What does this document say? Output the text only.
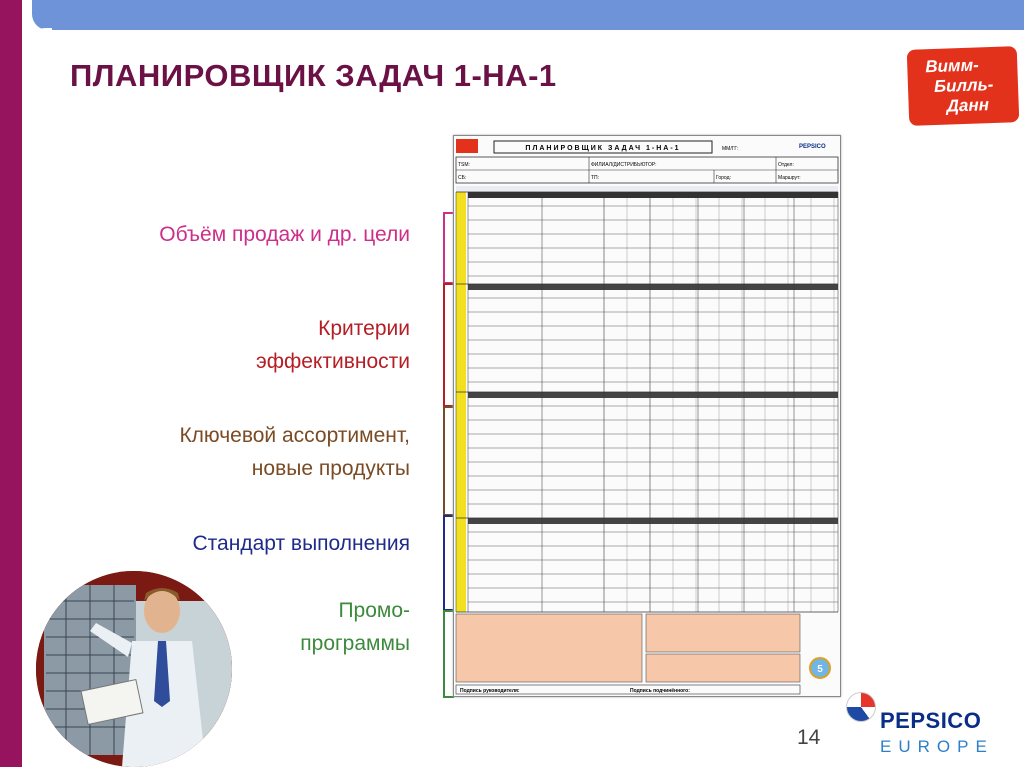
ПЛАНИРОВЩИК ЗАДАЧ 1-НА-1	Вимм-
Билль-
Данн
Объём продаж и др. цели
Критерии
эффективности
Ключевой ассортимент,
новые продукты
Стандарт выполнения
Промо-
программы
ПЛАНИРОВЩИК ЗАДАЧ 1-НА-1	ММ/ГГ:	PEPSICO
TSM:	ФИЛИАЛ/ДИСТРИБЬЮТОР:	Отдел:
СБ:	ТП:	Город:	Маршрут:
5
Подпись руководителя:	Подпись подчинённого:
14
PEPSICO
EUROPE
